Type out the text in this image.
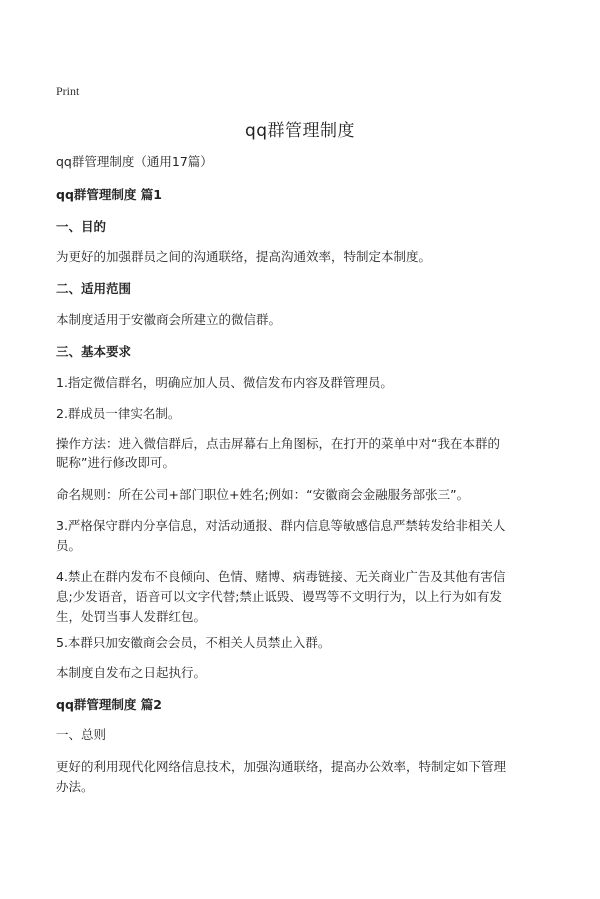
Print
qq群管理制度
qq群管理制度（通用17篇）
qq群管理制度 篇1
一、目的
为更好的加强群员之间的沟通联络，提高沟通效率，特制定本制度。
二、适用范围
本制度适用于安徽商会所建立的微信群。
三、基本要求
1.指定微信群名，明确应加人员、微信发布内容及群管理员。
2.群成员一律实名制。
操作方法：进入微信群后，点击屏幕右上角图标，在打开的菜单中对“我在本群的
昵称”进行修改即可。
命名规则：所在公司+部门职位+姓名;例如：“安徽商会金融服务部张三”。
3.严格保守群内分享信息，对活动通报、群内信息等敏感信息严禁转发给非相关人
员。
4.禁止在群内发布不良倾向、色情、赌博、病毒链接、无关商业广告及其他有害信
息;少发语音，语音可以文字代替;禁止诋毁、谩骂等不文明行为，以上行为如有发
生，处罚当事人发群红包。
5.本群只加安徽商会会员，不相关人员禁止入群。
本制度自发布之日起执行。
qq群管理制度 篇2
一、总则
更好的利用现代化网络信息技术，加强沟通联络，提高办公效率，特制定如下管理
办法。
